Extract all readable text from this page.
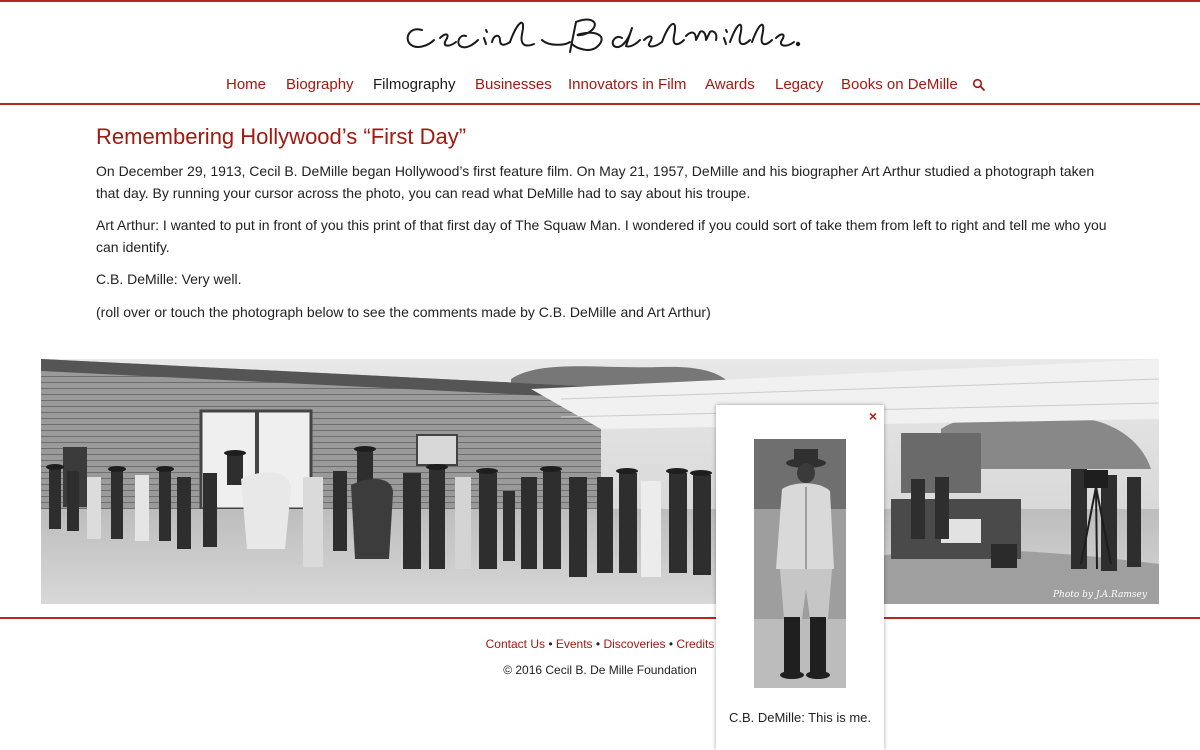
Home Biography Filmography Businesses Innovators in Film Awards Legacy Books on DeMille
Remembering Hollywood’s “First Day”

On December 29, 1913, Cecil B. DeMille began Hollywood’s first feature film. On May 21, 1957, DeMille and his biographer Art Arthur studied a photograph taken that day. By running your cursor across the photo, you can read what DeMille had to say about his troupe.

Art Arthur: I wanted to put in front of you this print of that first day of The Squaw Man. I wondered if you could sort of take them from left to right and tell me who you can identify.

C.B. DeMille: Very well.

(roll over or touch the photograph below to see the comments made by C.B. DeMille and Art Arthur)

Photo by J.A.Ramsey
Contact Us • Events • Discoveries • Credits
© 2016 Cecil B. De Mille Foundation
×
C.B. DeMille: This is me.
